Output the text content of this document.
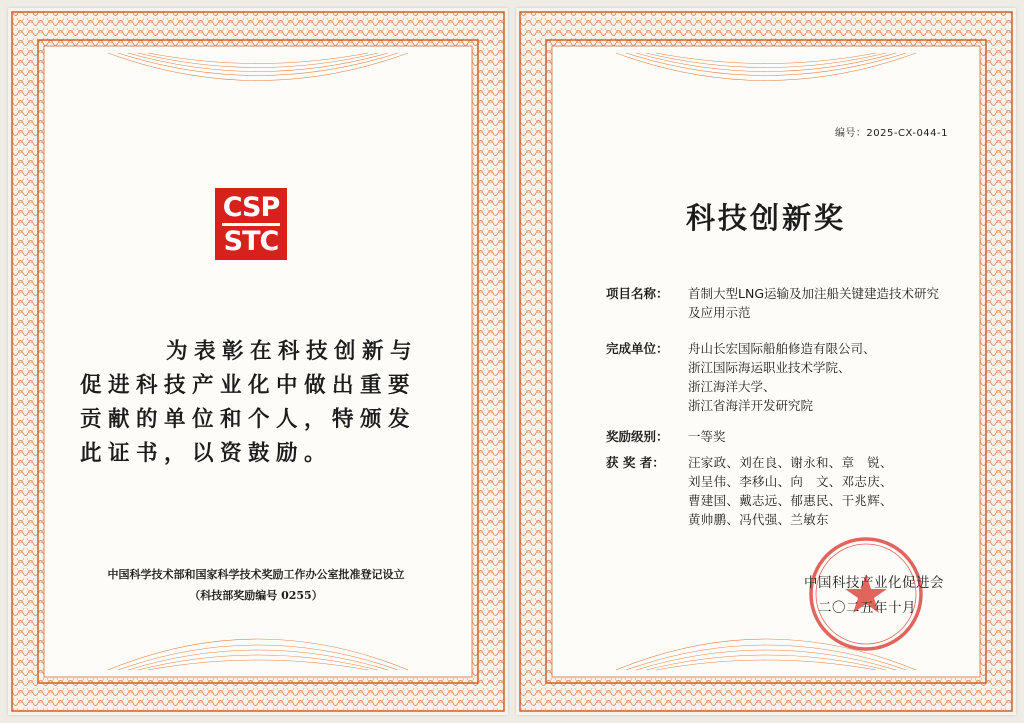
CSP
STC
为表彰在科技创新与促进科技产业化中做出重要贡献的单位和个人，特颁发此证书，以资鼓励。
中国科学技术部和国家科学技术奖励工作办公室批准登记设立
（科技部奖励编号 0255）
编号：2025-CX-044-1
科技创新奖
项目名称：	首制大型LNG运输及加注船关键建造技术研究
及应用示范
完成单位：	舟山长宏国际船舶修造有限公司、
浙江国际海运职业技术学院、
浙江海洋大学、
浙江省海洋开发研究院
奖励级别：	一等奖
获 奖 者：	汪家政、刘在良、谢永和、章　锐、
刘呈伟、李移山、向　文、邓志庆、
曹建国、戴志远、郁惠民、干兆辉、
黄帅鹏、冯代强、兰敏东
中国科技产业化促进会
二〇二五年十月
